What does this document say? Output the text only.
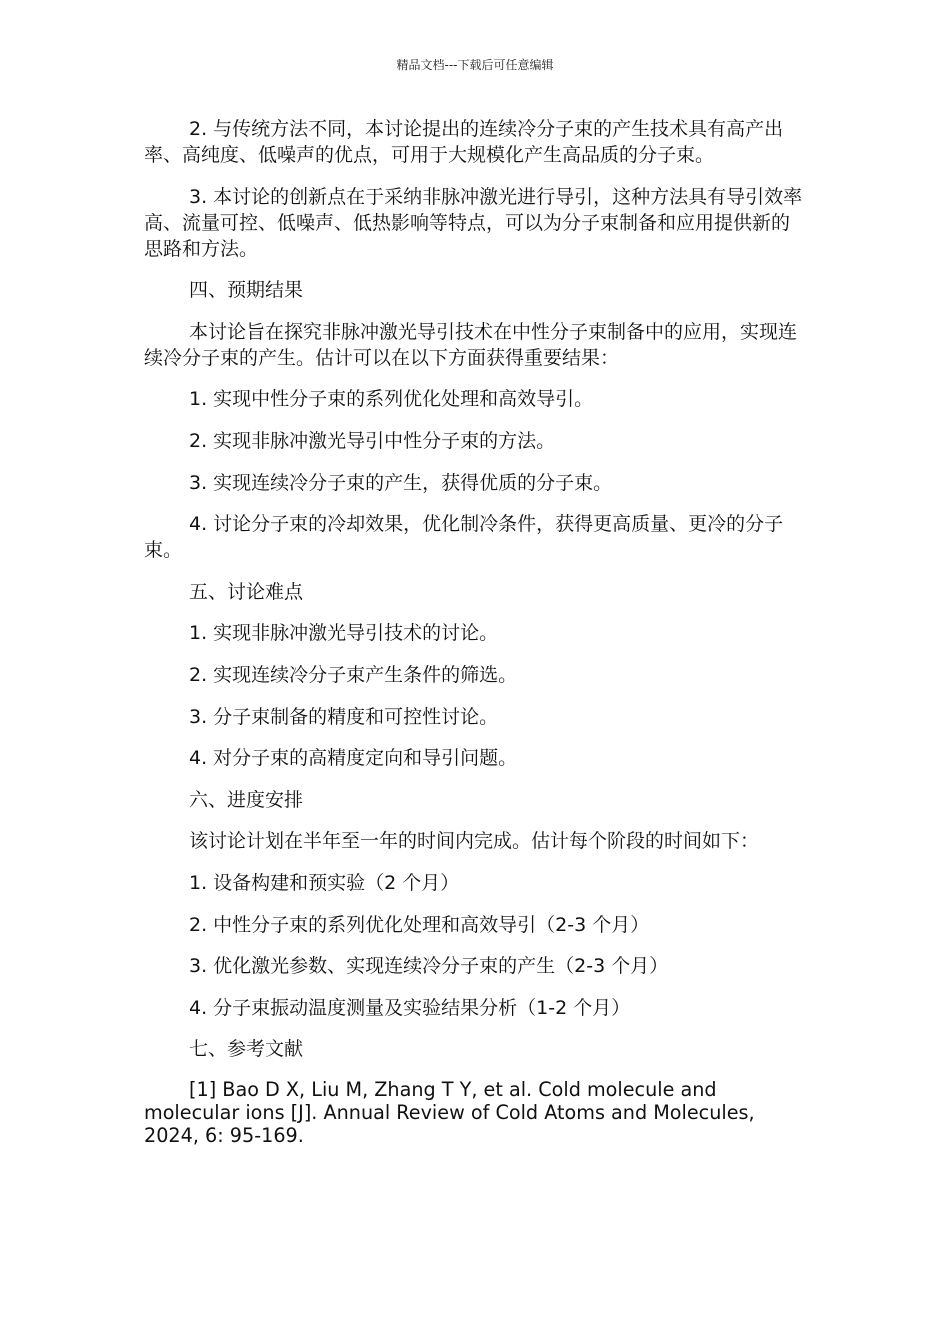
精品文档---下载后可任意编辑

2. 与传统方法不同，本讨论提出的连续冷分子束的产生技术具有高产出率、高纯度、低噪声的优点，可用于大规模化产生高品质的分子束。

3. 本讨论的创新点在于采纳非脉冲激光进行导引，这种方法具有导引效率高、流量可控、低噪声、低热影响等特点，可以为分子束制备和应用提供新的思路和方法。

四、预期结果

本讨论旨在探究非脉冲激光导引技术在中性分子束制备中的应用，实现连续冷分子束的产生。估计可以在以下方面获得重要结果：

1. 实现中性分子束的系列优化处理和高效导引。

2. 实现非脉冲激光导引中性分子束的方法。

3. 实现连续冷分子束的产生，获得优质的分子束。

4. 讨论分子束的冷却效果，优化制冷条件，获得更高质量、更冷的分子束。

五、讨论难点

1. 实现非脉冲激光导引技术的讨论。

2. 实现连续冷分子束产生条件的筛选。

3. 分子束制备的精度和可控性讨论。

4. 对分子束的高精度定向和导引问题。

六、进度安排

该讨论计划在半年至一年的时间内完成。估计每个阶段的时间如下：

1. 设备构建和预实验（2 个月）

2. 中性分子束的系列优化处理和高效导引（2-3 个月）

3. 优化激光参数、实现连续冷分子束的产生（2-3 个月）

4. 分子束振动温度测量及实验结果分析（1-2 个月）

七、参考文献

[1] Bao D X, Liu M, Zhang T Y, et al. Cold molecule and molecular ions [J]. Annual Review of Cold Atoms and Molecules, 2024, 6: 95-169.
